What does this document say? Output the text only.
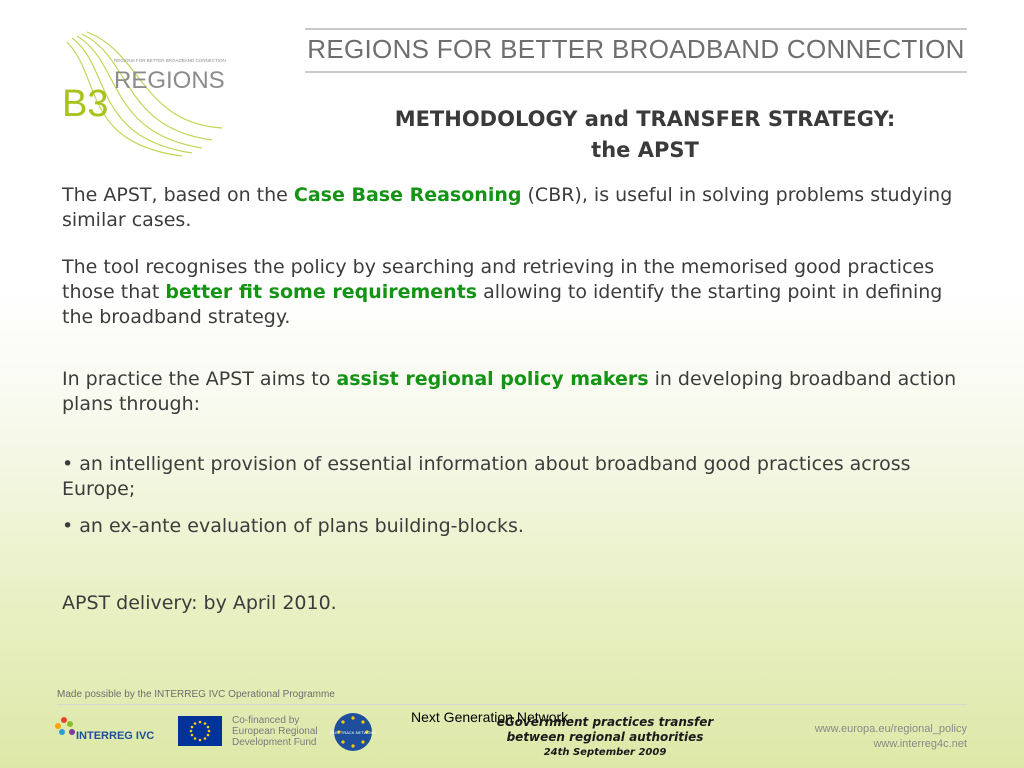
B3
REGIONS
REGIONS FOR BETTER BROADBAND CONNECTION	REGIONS FOR BETTER BROADBAND CONNECTION
METHODOLOGY and TRANSFER STRATEGY:
the APST

The APST, based on the Case Base Reasoning (CBR), is useful in solving problems studying similar cases.

The tool recognises the policy by searching and retrieving in the memorised good practices those that better fit some requirements allowing to identify the starting point in defining the broadband strategy.

In practice the APST aims to assist regional policy makers in developing broadband action plans through:

• an intelligent provision of essential information about broadband good practices across Europe;

• an ex-ante evaluation of plans building-blocks.

APST delivery: by April 2010.

Made possible by the INTERREG IVC Operational Programme
INTERREG IVC
Co-financed by
European Regional
Development Fund
FAST TRACK NETWORK
Next Generation Network
eGovernment practices transfer
between regional authorities
24th September 2009
www.europa.eu/regional_policy
www.interreg4c.net
